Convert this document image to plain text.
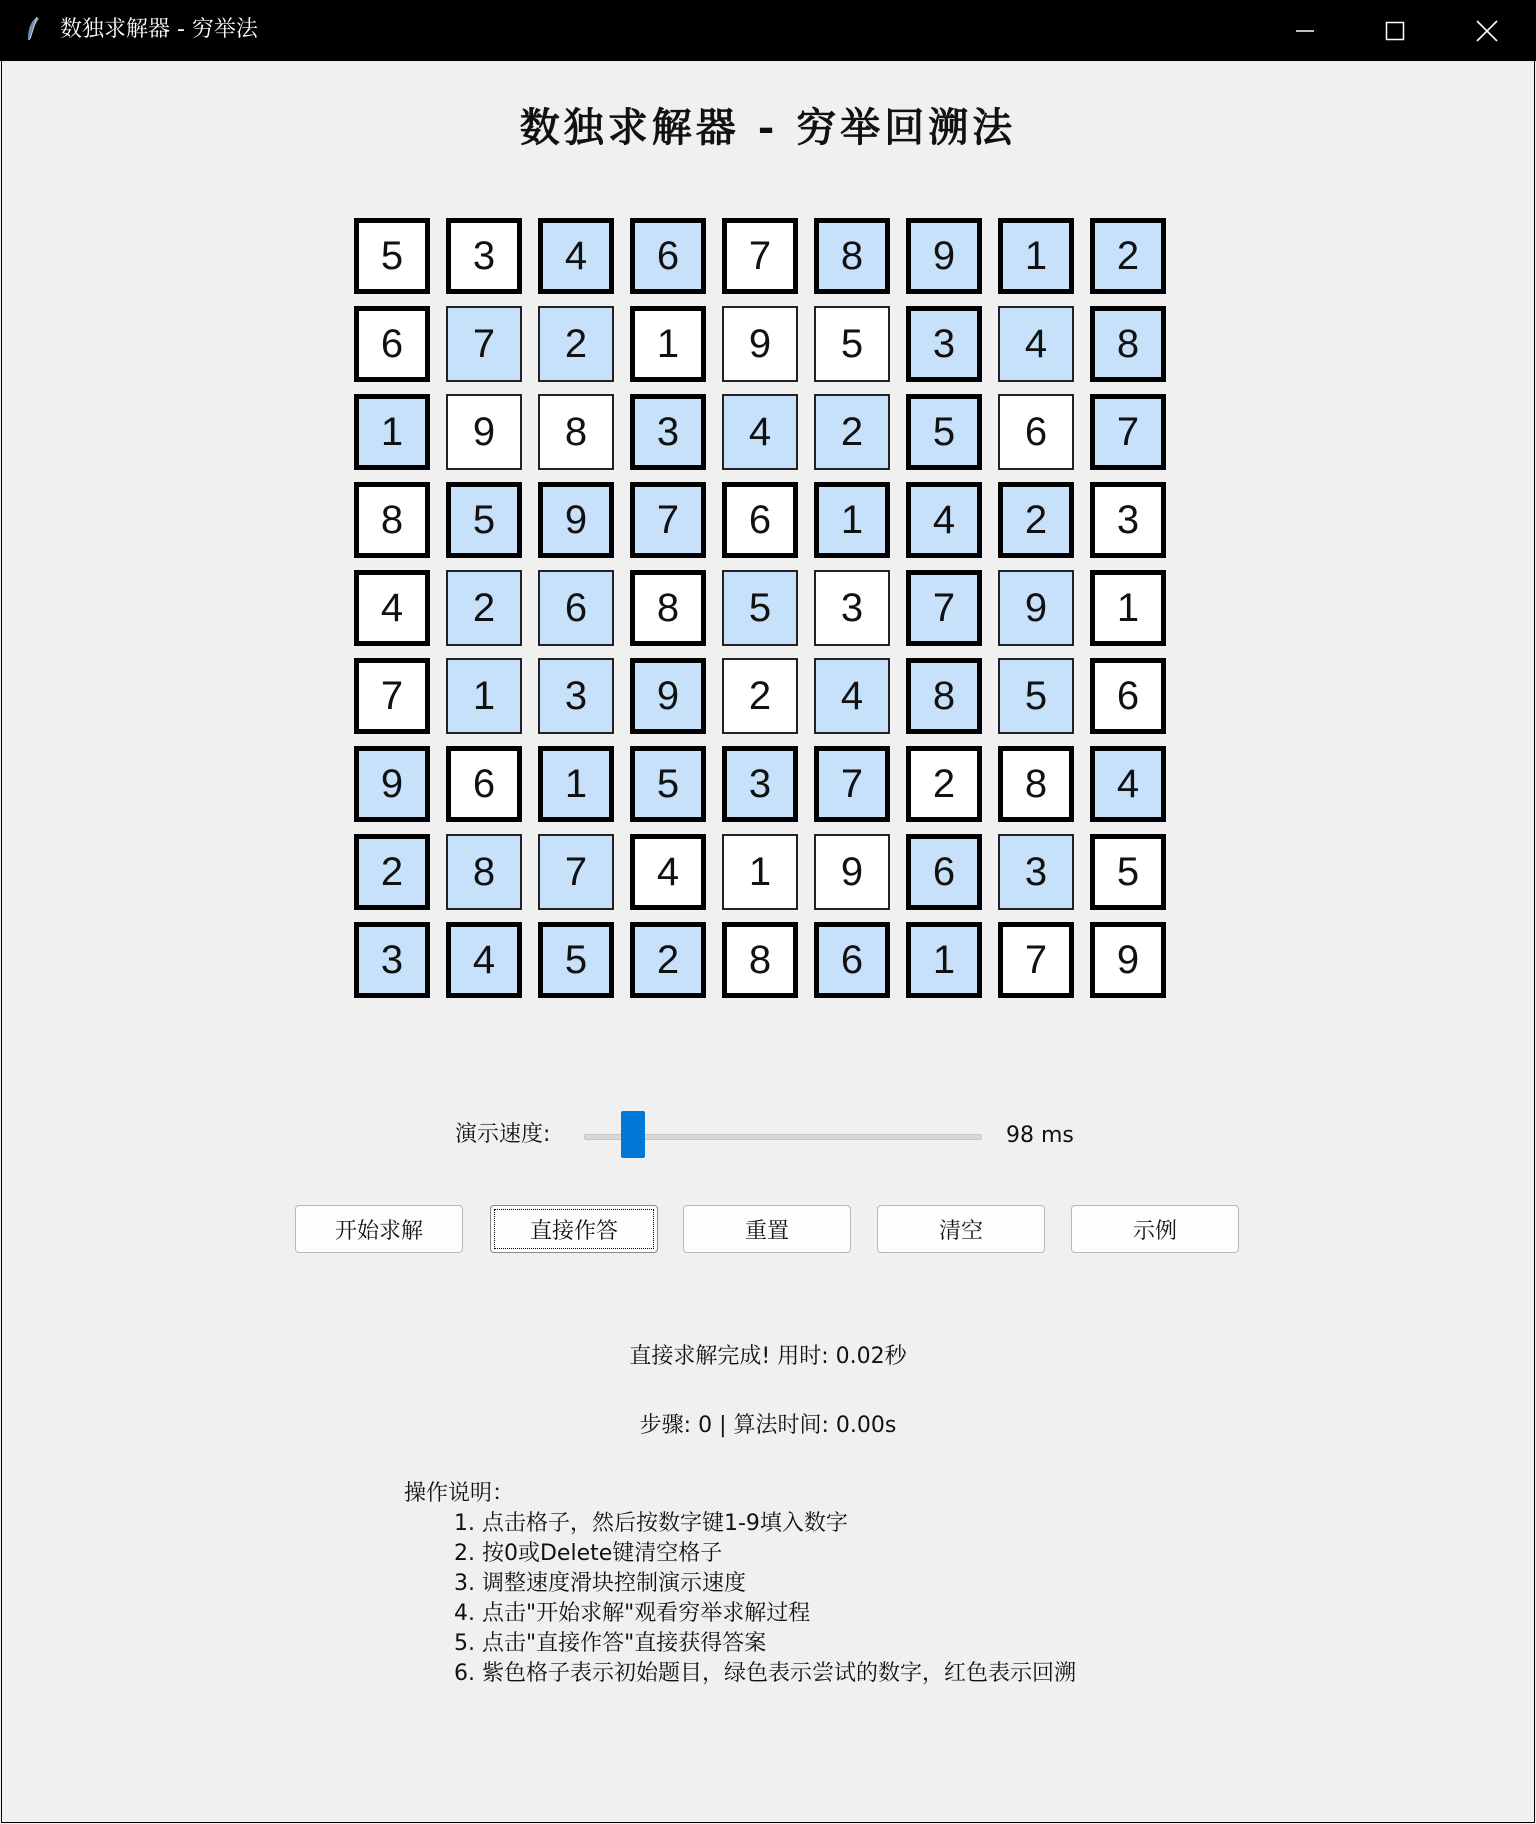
数独求解器 - 穷举法
数独求解器 - 穷举回溯法
5	3	4	6	7	8	9	1	2
6	7	2	1	9	5	3	4	8
1	9	8	3	4	2	5	6	7
8	5	9	7	6	1	4	2	3
4	2	6	8	5	3	7	9	1
7	1	3	9	2	4	8	5	6
9	6	1	5	3	7	2	8	4
2	8	7	4	1	9	6	3	5
3	4	5	2	8	6	1	7	9
演示速度:	98 ms
开始求解	直接作答	重置	清空	示例
直接求解完成! 用时: 0.02秒
步骤: 0 | 算法时间: 0.00s
操作说明：
1. 点击格子，然后按数字键1-9填入数字
2. 按0或Delete键清空格子
3. 调整速度滑块控制演示速度
4. 点击"开始求解"观看穷举求解过程
5. 点击"直接作答"直接获得答案
6. 紫色格子表示初始题目，绿色表示尝试的数字，红色表示回溯
